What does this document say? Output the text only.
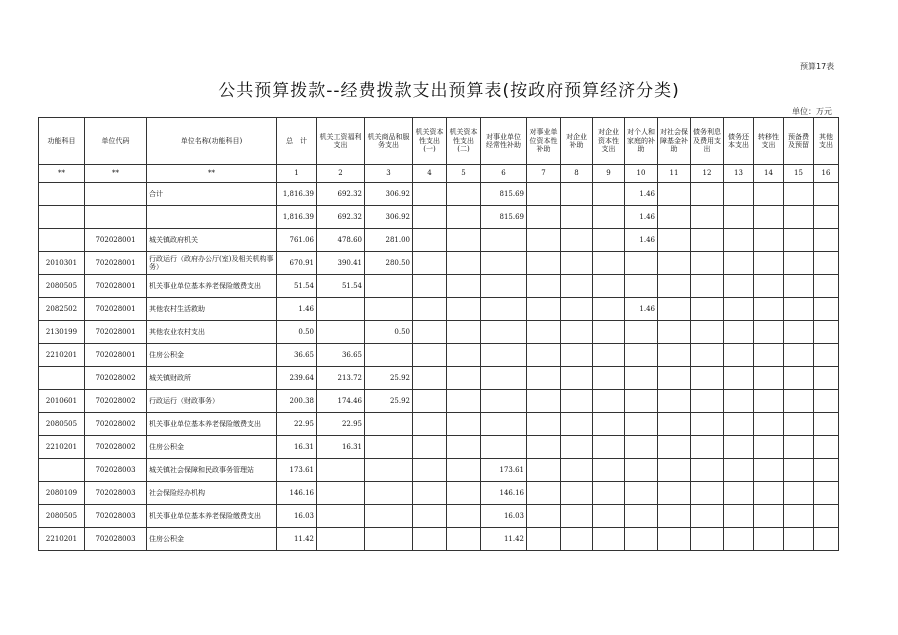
预算17表
公共预算拨款--经费拨款支出预算表(按政府预算经济分类)
单位：万元
功能科目	单位代码	单位名称(功能科目)	总　计	机关工资福利支出	机关商品和服务支出	机关资本性支出(一)	机关资本性支出(二)	对事业单位经常性补助	对事业单位资本性补助	对企业补助	对企业资本性支出	对个人和家庭的补助	对社会保障基金补助	债务利息及费用支出	债务还本支出	转移性支出	预备费及预留	其他支出
**	**	**	1	2	3	4	5	6	7	8	9	10	11	12	13	14	15	16
		合计	1,816.39	692.32	306.92			815.69				1.46						
			1,816.39	692.32	306.92			815.69				1.46						
	702028001	城关镇政府机关	761.06	478.60	281.00							1.46						
2010301	702028001	行政运行（政府办公厅(室)及相关机构事务）	670.91	390.41	280.50													
2080505	702028001	机关事业单位基本养老保险缴费支出	51.54	51.54														
2082502	702028001	其他农村生活救助	1.46									1.46						
2130199	702028001	其他农业农村支出	0.50		0.50													
2210201	702028001	住房公积金	36.65	36.65														
	702028002	城关镇财政所	239.64	213.72	25.92													
2010601	702028002	行政运行（财政事务）	200.38	174.46	25.92													
2080505	702028002	机关事业单位基本养老保险缴费支出	22.95	22.95														
2210201	702028002	住房公积金	16.31	16.31														
	702028003	城关镇社会保障和民政事务管理站	173.61					173.61										
2080109	702028003	社会保险经办机构	146.16					146.16										
2080505	702028003	机关事业单位基本养老保险缴费支出	16.03					16.03										
2210201	702028003	住房公积金	11.42					11.42										
